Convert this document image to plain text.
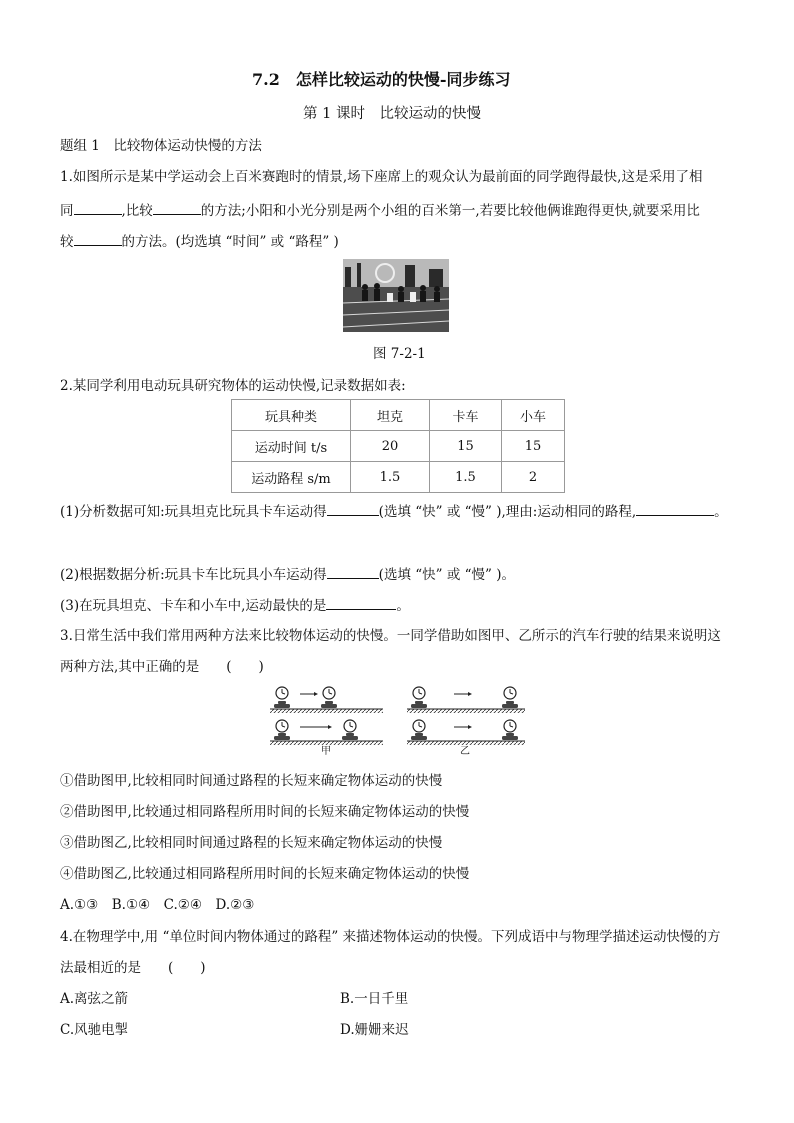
7.2　怎样比较运动的快慢-同步练习
第 1 课时　比较运动的快慢
题组 1　比较物体运动快慢的方法
1.如图所示是某中学运动会上百米赛跑时的情景,场下座席上的观众认为最前面的同学跑得最快,这是采用了相
同	,比较	的方法;小阳和小光分别是两个小组的百米第一,若要比较他俩谁跑得更快,就要采用比
较	的方法。(均选填 “时间” 或 “路程” )
图 7-2-1
2.某同学利用电动玩具研究物体的运动快慢,记录数据如表:
玩具种类	坦克	卡车	小车
运动时间 t/s	20	15	15
运动路程 s/m	1.5	1.5	2
(1)分析数据可知:玩具坦克比玩具卡车运动得	(选填 “快” 或 “慢” ),理由:运动相同的路程,	。
(2)根据数据分析:玩具卡车比玩具小车运动得	(选填 “快” 或 “慢” )。
(3)在玩具坦克、卡车和小车中,运动最快的是	。
3.日常生活中我们常用两种方法来比较物体运动的快慢。一同学借助如图甲、乙所示的汽车行驶的结果来说明这
两种方法,其中正确的是　　(　　)
甲	乙
①借助图甲,比较相同时间通过路程的长短来确定物体运动的快慢
②借助图甲,比较通过相同路程所用时间的长短来确定物体运动的快慢
③借助图乙,比较相同时间通过路程的长短来确定物体运动的快慢
④借助图乙,比较通过相同路程所用时间的长短来确定物体运动的快慢
A.①③　B.①④　C.②④　D.②③
4.在物理学中,用 “单位时间内物体通过的路程” 来描述物体运动的快慢。下列成语中与物理学描述运动快慢的方
法最相近的是　　(　　)
A.离弦之箭	B.一日千里
C.风驰电掣	D.姗姗来迟
